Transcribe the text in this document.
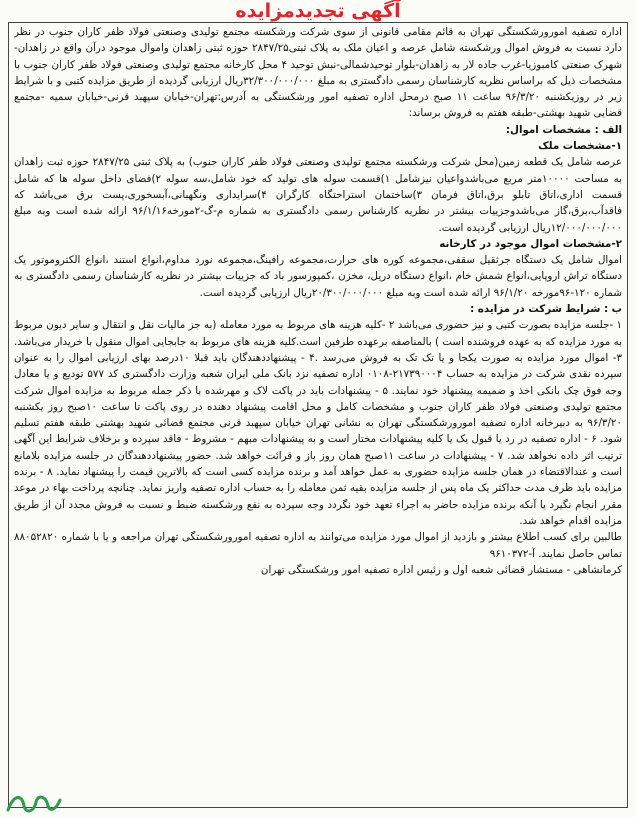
آگهی تجدیدمزایده

اداره تصفیه امورورشکستگی تهران به قائم مقامی قانونی از سوی شرکت ورشکسته مجتمع تولیدی وصنعتی فولاد ظفر کاران جنوب در نظر دارد نسبت به فروش اموال ورشکسته شامل عرصه و اعیان ملک به پلاک ثبتی۲۸۴۷/۲۵ حوزه ثبتی زاهدان واموال موجود درآن واقع در زاهدان-شهرک صنعتی کامبوزیا-غرب جاده لار به زاهدان-بلوار توحیدشمالی-نبش توحید ۴ محل کارخانه مجتمع تولیدی وصنعتی فولاد ظفر کاران جنوب با مشخصات ذیل که براساس نظریه کارشناسان رسمی دادگستری به مبلغ ۳۲/۳۰۰/۰۰۰/۰۰۰ریال ارزیابی گردیده از طریق مزایده کتبی و با شرایط زیر در روزیکشنبه ۹۶/۳/۲۰ ساعت ۱۱ صبح درمحل اداره تصفیه امور ورشکستگی به آدرس:تهران-خیابان سپهبد قرنی-خیابان سمیه -مجتمع قضایی شهید بهشتی-طبقه هفتم به فروش برساند:

الف : مشخصات اموال:

۱-مشخصات ملک

عرصه شامل یک قطعه زمین(محل شرکت ورشکسته مجتمع تولیدی وصنعتی فولاد ظفر کاران جنوب) به پلاک ثبتی ۲۸۴۷/۲۵ حوزه ثبت زاهدان به مساحت ۱۰۰۰۰متر مربع می‌باشدواعیان نیزشامل ۱)قسمت سوله های تولید که خود شامل،سه سوله ۲)فضای داخل سوله ها که شامل قسمت اداری،اتاق تابلو برق،اتاق فرمان ۳)ساختمان استراحتگاه کارگران ۴)سرایداری ونگهبانی،آبسخوری،پست برق می‌باشد که فاقدآب،برق،گاز می‌باشدوجزییات بیشتر در نظریه کارشناس رسمی دادگستری به شماره م-گ-۲مورخه۹۶/۱/۱۶ ارائه شده است وبه مبلغ ۱۲/۰۰۰/۰۰۰/۰۰۰ریال ارزیابی گردیده است.

۲-مشخصات اموال موجود در کارخانه

اموال شامل یک دستگاه جرثقیل سقفی،مجموعه کوره های حرارت،مجموعه رافینگ،مجموعه نورد مداوم،انواع استند ،انواع الکتروموتور یک دستگاه تراش اروپایی،انواع شمش خام ،انواع دستگاه دریل، مخزن ،کمپورسور باد که جزییات بیشتر در نظریه کارشناسان رسمی دادگستری به شماره ۱۲۰-۹۶مورخه ۹۶/۱/۲۰ ارائه شده است وبه مبلغ ۲۰/۳۰۰/۰۰۰/۰۰۰ریال ارزیابی گردیده است.

ب : شرایط شرکت در مزایده :

۱ -جلسه مزایده بصورت کتبی و نیز حضوری می‌باشد ۲ -کلیه هزینه های مربوط به مورد معامله (به جز مالیات نقل و انتقال و سایر دیون مربوط به مورد مزایده که به عهده فروشنده است ) بالمناصفه برعهده طرفین است.کلیه هزینه های مربوط به جابجایی اموال منقول با خریدار می‌باشد. ۳- اموال مورد مزایده به صورت یکجا و یا تک تک به فروش می‌رسد .۴ - پیشنهاددهندگان باید قبلا ۱۰درصد بهای ارزیابی اموال را به عنوان سپرده نقدی شرکت در مزایده به حساب ۲۱۷۳۹۰۰۰۴-۰۱۰۸ اداره تصفیه نزد بانک ملی ایران شعبه وزارت دادگستری کد ۵۷۷ تودیع و یا معادل وجه فوق چک بانکی اخذ و ضمیمه پیشنهاد خود نمایند. ۵ - پیشنهادات باید در پاکت لاک و مهرشده با ذکر جمله مربوط به مزایده اموال شرکت مجتمع تولیدی وصنعتی فولاد ظفر کاران جنوب و مشخصات کامل و محل اقامت پیشنهاد دهنده در روی پاکت تا ساعت ۱۰صبح روز یکشنبه ۹۶/۳/۲۰ به دبیرخانه اداره تصفیه امورورشکستگی تهران به نشانی تهران خیابان سپهبد قرنی مجتمع قضائی شهید بهشتی طبقه هفتم تسلیم شود. ۶ - اداره تصفیه در رد یا قبول یک یا کلیه پیشنهادات مختار است و به پیشنهادات مبهم - مشروط - فاقد سپرده و برخلاف شرایط این آگهی ترتیب اثر داده نخواهد شد. ۷ - پیشنهادات در ساعت ۱۱صبح همان روز باز و قرائت خواهد شد. حضور پیشنهاددهندگان در جلسه مزایده بلامانع است و عندالاقتضاء در همان جلسه مزایده حضوری به عمل خواهد آمد و برنده مزایده کسی است که بالاترین قیمت را پیشنهاد نماید. ۸ - برنده مزایده باید ظرف مدت حداکثر یک ماه پس از جلسه مزایده بقیه ثمن معامله را به حساب اداره تصفیه واریز نماید. چنانچه پرداخت بهاء در موعد مقرر انجام نگیرد یا آنکه برنده مزایده حاضر به اجراء تعهد خود نگردد وجه سپرده به نفع ورشکسته ضبط و نسبت به فروش مجدد آن از طریق مزایده اقدام خواهد شد.

طالبین برای کسب اطلاع بیشتر و بازدید از اموال مورد مزایده می‌توانند به اداره تصفیه امورورشکستگی تهران مراجعه و یا با شماره ۸۸۰۵۲۸۲۰ تماس حاصل نمایند. آ-۹۶۱۰۳۷۲

کرمانشاهی - مستشار قضائی شعبه اول و رئیس اداره تصفیه امور ورشکستگی تهران
